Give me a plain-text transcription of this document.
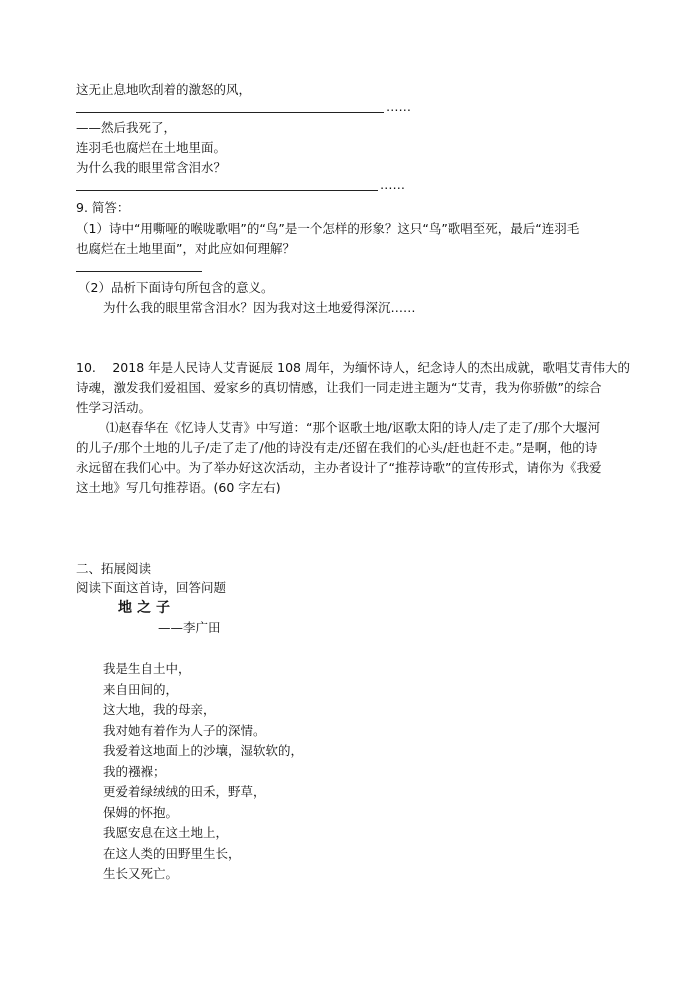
这无止息地吹刮着的激怒的风，
……
——然后我死了，
连羽毛也腐烂在土地里面。
为什么我的眼里常含泪水？
……
9. 简答：
（1）诗中“用嘶哑的喉咙歌唱”的“鸟”是一个怎样的形象？这只“鸟”歌唱至死，最后“连羽毛
也腐烂在土地里面”，对此应如何理解？
（2）品析下面诗句所包含的意义。
为什么我的眼里常含泪水？因为我对这土地爱得深沉……
10.　 2018 年是人民诗人艾青诞辰 108 周年，为缅怀诗人，纪念诗人的杰出成就，歌唱艾青伟大的
诗魂，激发我们爱祖国、爱家乡的真切情感，让我们一同走进主题为“艾青，我为你骄傲”的综合
性学习活动。
⑴赵春华在《忆诗人艾青》中写道：“那个讴歌土地/讴歌太阳的诗人/走了走了/那个大堰河
的儿子/那个土地的儿子/走了走了/他的诗没有走/还留在我们的心头/赶也赶不走。”是啊，他的诗
永远留在我们心中。为了举办好这次活动，主办者设计了“推荐诗歌”的宣传形式，请你为《我爱
这土地》写几句推荐语。(60 字左右)
二、拓展阅读
阅读下面这首诗，回答问题
地之子
——李广田
我是生自土中，
来自田间的，
这大地，我的母亲，
我对她有着作为人子的深情。
我爱着这地面上的沙壤，湿软软的，
我的襁褓；
更爱着绿绒绒的田禾，野草，
保姆的怀抱。
我愿安息在这土地上，
在这人类的田野里生长，
生长又死亡。
